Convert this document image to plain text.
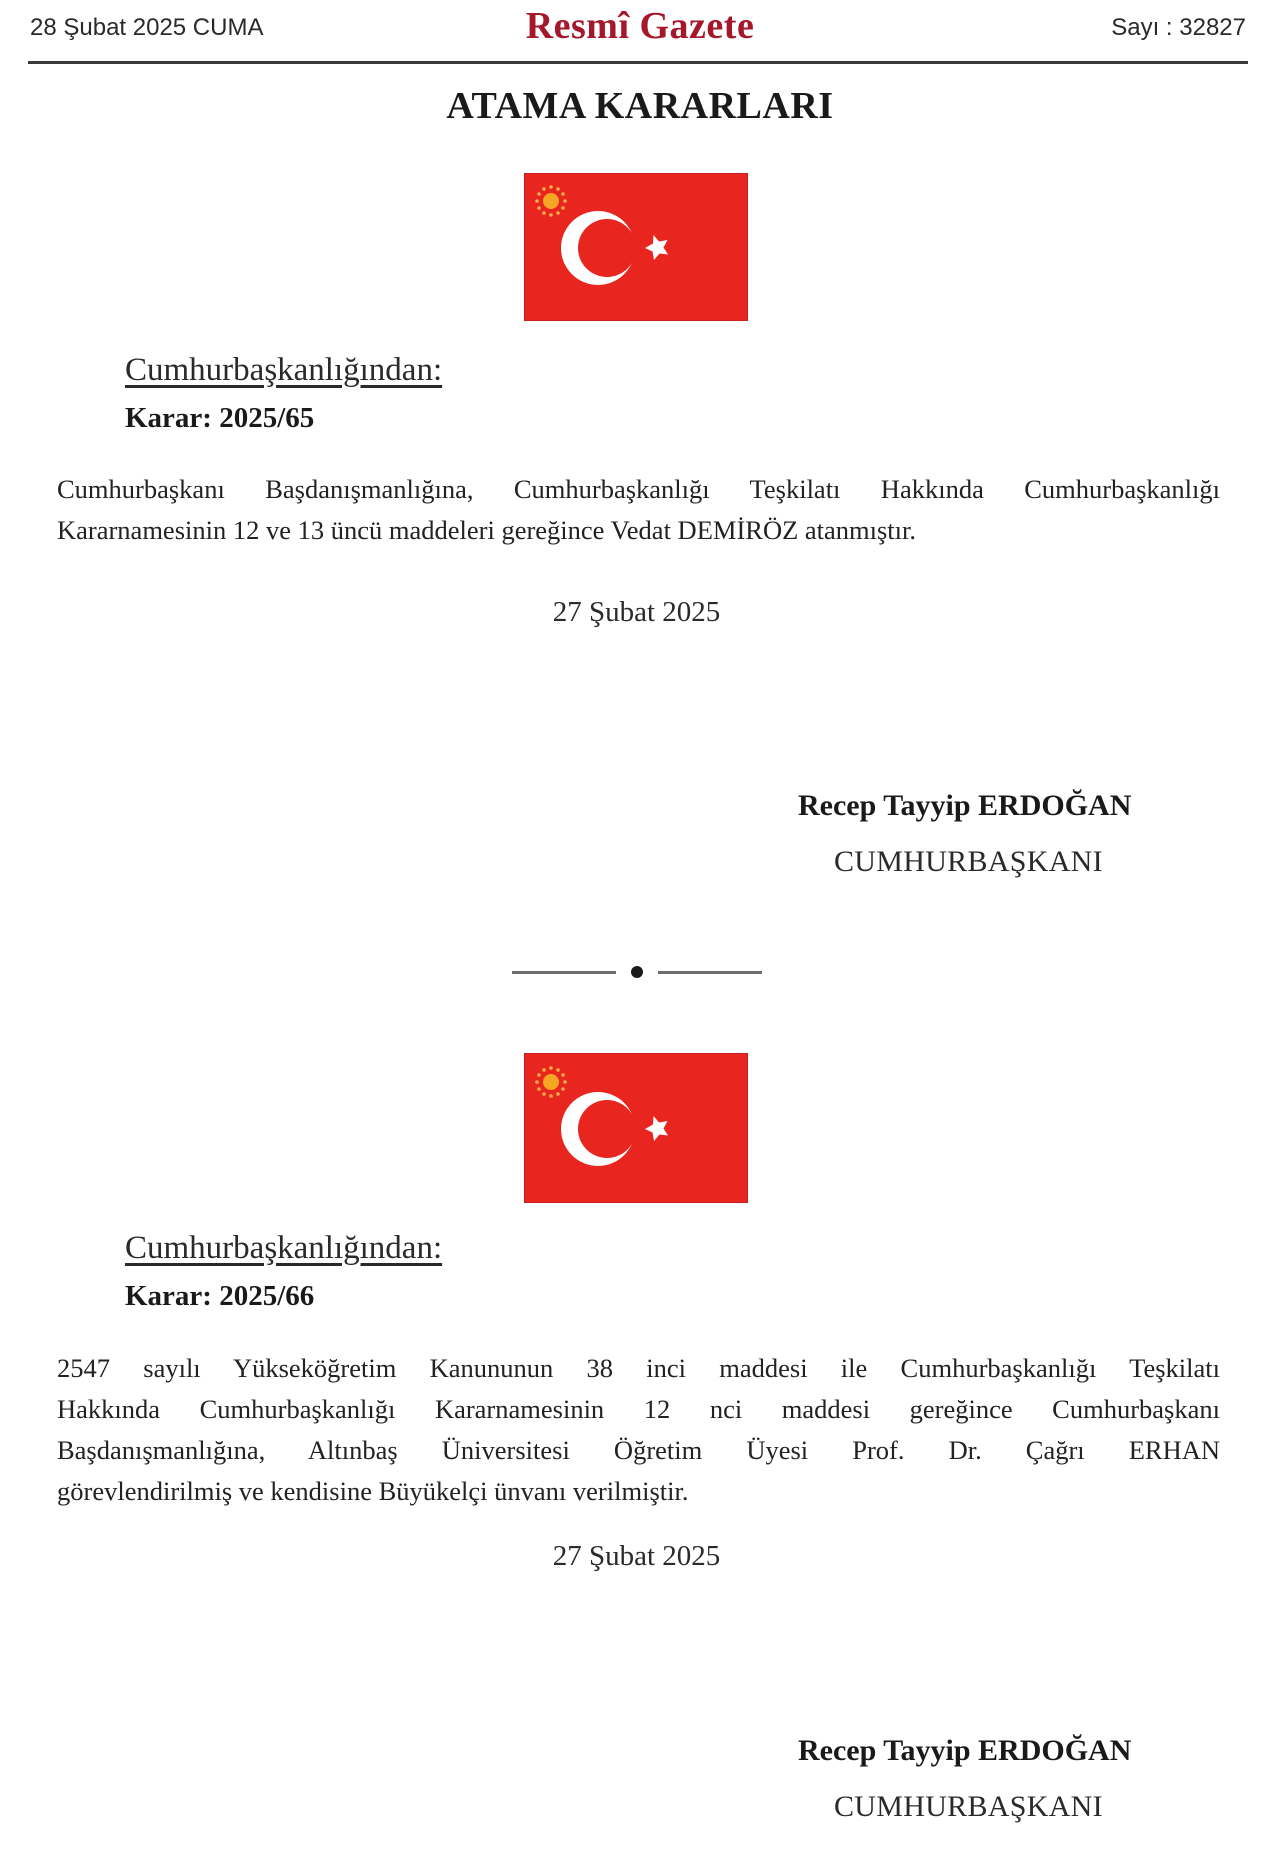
28 Şubat 2025 CUMA	Resmî Gazete	Sayı : 32827
ATAMA KARARLARI
Cumhurbaşkanlığından:
Karar: 2025/65
Cumhurbaşkanı Başdanışmanlığına, Cumhurbaşkanlığı Teşkilatı Hakkında Cumhurbaşkanlığı
Kararnamesinin 12 ve 13 üncü maddeleri gereğince Vedat DEMİRÖZ atanmıştır.
27 Şubat 2025
Recep Tayyip ERDOĞAN
CUMHURBAŞKANI
Cumhurbaşkanlığından:
Karar: 2025/66
2547 sayılı Yükseköğretim Kanununun 38 inci maddesi ile Cumhurbaşkanlığı Teşkilatı
Hakkında Cumhurbaşkanlığı Kararnamesinin 12 nci maddesi gereğince Cumhurbaşkanı
Başdanışmanlığına, Altınbaş Üniversitesi Öğretim Üyesi Prof. Dr. Çağrı ERHAN
görevlendirilmiş ve kendisine Büyükelçi ünvanı verilmiştir.
27 Şubat 2025
Recep Tayyip ERDOĞAN
CUMHURBAŞKANI
